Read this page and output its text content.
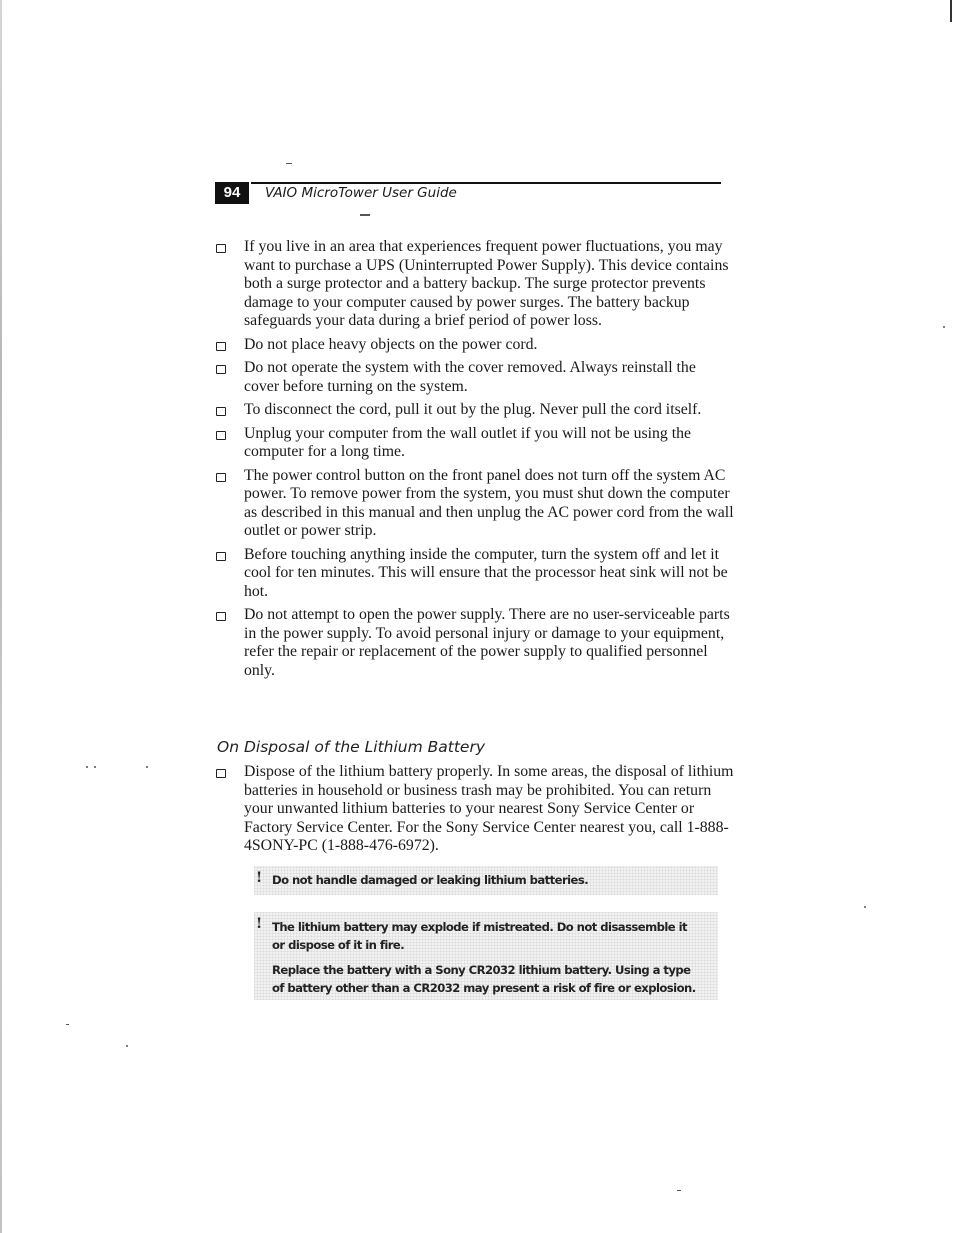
94	VAIO MicroTower User Guide
If you live in an area that experiences frequent power fluctuations, you may want to purchase a UPS (Uninterrupted Power Supply). This device contains both a surge protector and a battery backup. The surge protector prevents damage to your computer caused by power surges. The battery backup safeguards your data during a brief period of power loss.
Do not place heavy objects on the power cord.
Do not operate the system with the cover removed. Always reinstall the cover before turning on the system.
To disconnect the cord, pull it out by the plug. Never pull the cord itself.
Unplug your computer from the wall outlet if you will not be using the computer for a long time.
The power control button on the front panel does not turn off the system AC power. To remove power from the system, you must shut down the computer as described in this manual and then unplug the AC power cord from the wall outlet or power strip.
Before touching anything inside the computer, turn the system off and let it cool for ten minutes. This will ensure that the processor heat sink will not be hot.
Do not attempt to open the power supply. There are no user-serviceable parts in the power supply. To avoid personal injury or damage to your equipment, refer the repair or replacement of the power supply to qualified personnel only.
On Disposal of the Lithium Battery
Dispose of the lithium battery properly. In some areas, the disposal of lithium batteries in household or business trash may be prohibited. You can return your unwanted lithium batteries to your nearest Sony Service Center or Factory Service Center. For the Sony Service Center nearest you, call 1-888-4SONY-PC (1-888-476-6972).
! Do not handle damaged or leaking lithium batteries.
! The lithium battery may explode if mistreated. Do not disassemble it or dispose of it in fire.
Replace the battery with a Sony CR2032 lithium battery. Using a type of battery other than a CR2032 may present a risk of fire or explosion.
